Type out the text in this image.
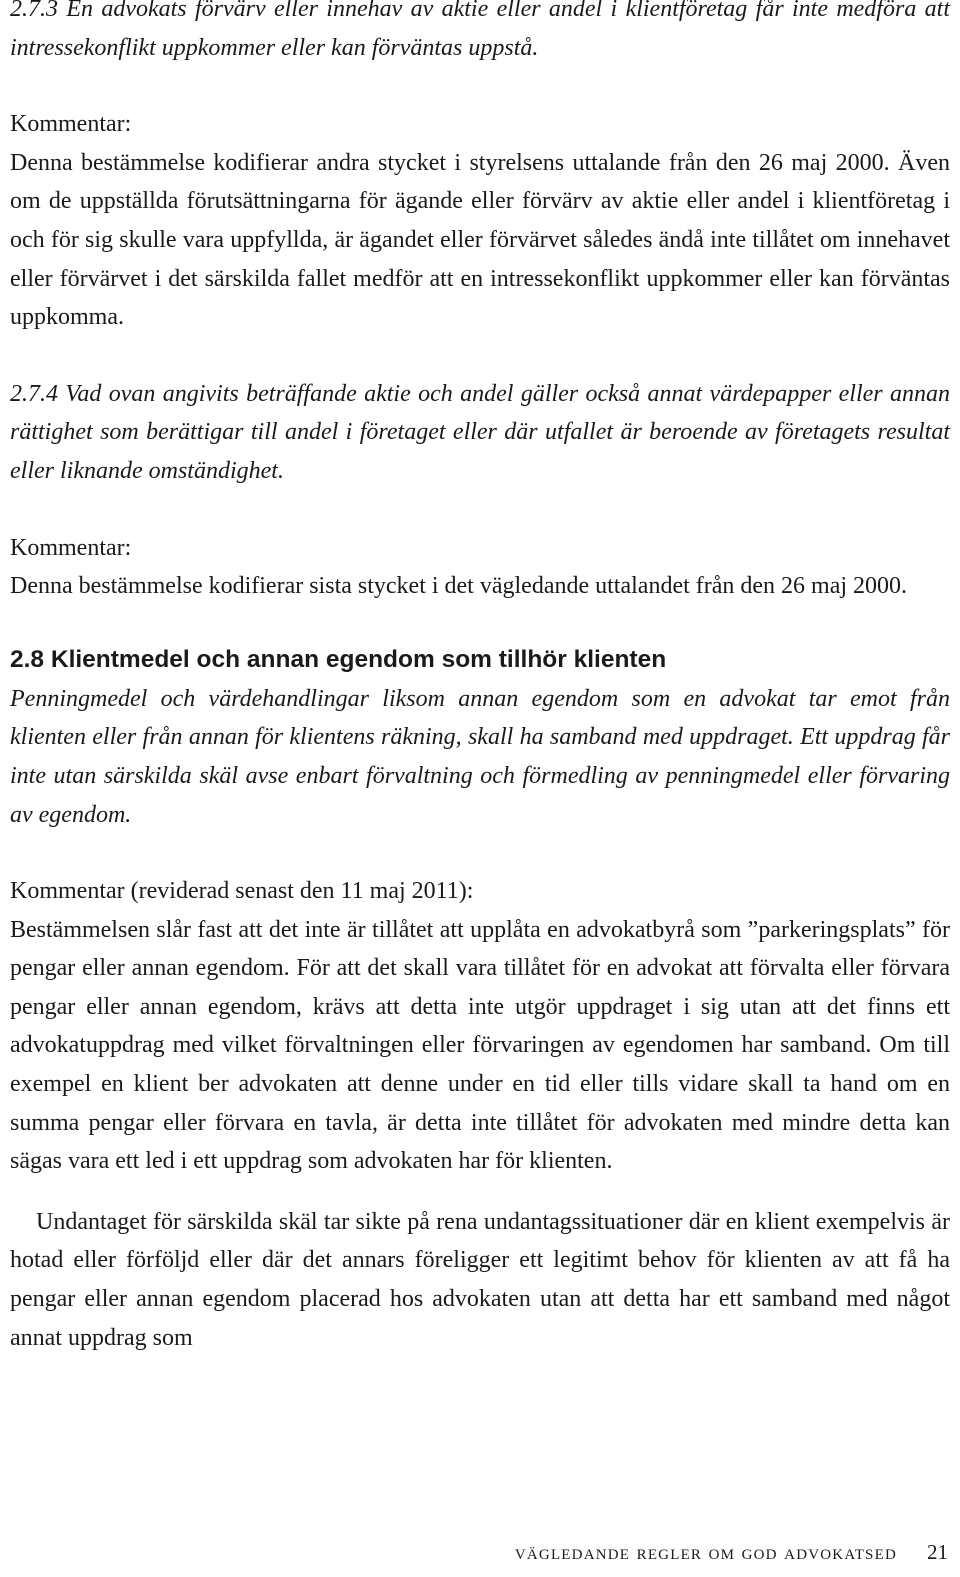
2.7.3 En advokats förvärv eller innehav av aktie eller andel i klientföretag får inte medföra att intressekonflikt uppkommer eller kan förväntas uppstå.

Kommentar:

Denna bestämmelse kodifierar andra stycket i styrelsens uttalande från den 26 maj 2000. Även om de uppställda förutsättningarna för ägande eller förvärv av aktie eller andel i klientföretag i och för sig skulle vara uppfyllda, är ägandet eller förvärvet således ändå inte tillåtet om innehavet eller förvärvet i det särskilda fallet medför att en intressekonflikt uppkommer eller kan förväntas uppkomma.

2.7.4 Vad ovan angivits beträffande aktie och andel gäller också annat värdepapper eller annan rättighet som berättigar till andel i företaget eller där utfallet är beroende av företagets resultat eller liknande omständighet.

Kommentar:

Denna bestämmelse kodifierar sista stycket i det vägledande uttalandet från den 26 maj 2000.

2.8 Klientmedel och annan egendom som tillhör klienten

Penningmedel och värdehandlingar liksom annan egendom som en advokat tar emot från klienten eller från annan för klientens räkning, skall ha samband med uppdraget. Ett uppdrag får inte utan särskilda skäl avse enbart förvaltning och förmedling av penningmedel eller förvaring av egendom.

Kommentar (reviderad senast den 11 maj 2011):

Bestämmelsen slår fast att det inte är tillåtet att upplåta en advokatbyrå som ”parkeringsplats” för pengar eller annan egendom. För att det skall vara tillåtet för en advokat att förvalta eller förvara pengar eller annan egendom, krävs att detta inte utgör uppdraget i sig utan att det finns ett advokatuppdrag med vilket förvaltningen eller förvaringen av egendomen har samband. Om till exempel en klient ber advokaten att denne under en tid eller tills vidare skall ta hand om en summa pengar eller förvara en tavla, är detta inte tillåtet för advokaten med mindre detta kan sägas vara ett led i ett uppdrag som advokaten har för klienten.

Undantaget för särskilda skäl tar sikte på rena undantagssituationer där en klient exempelvis är hotad eller förföljd eller där det annars föreligger ett legitimt behov för klienten av att få ha pengar eller annan egendom placerad hos advokaten utan att detta har ett samband med något annat uppdrag som

vägledande regler om god advokatsed 21
